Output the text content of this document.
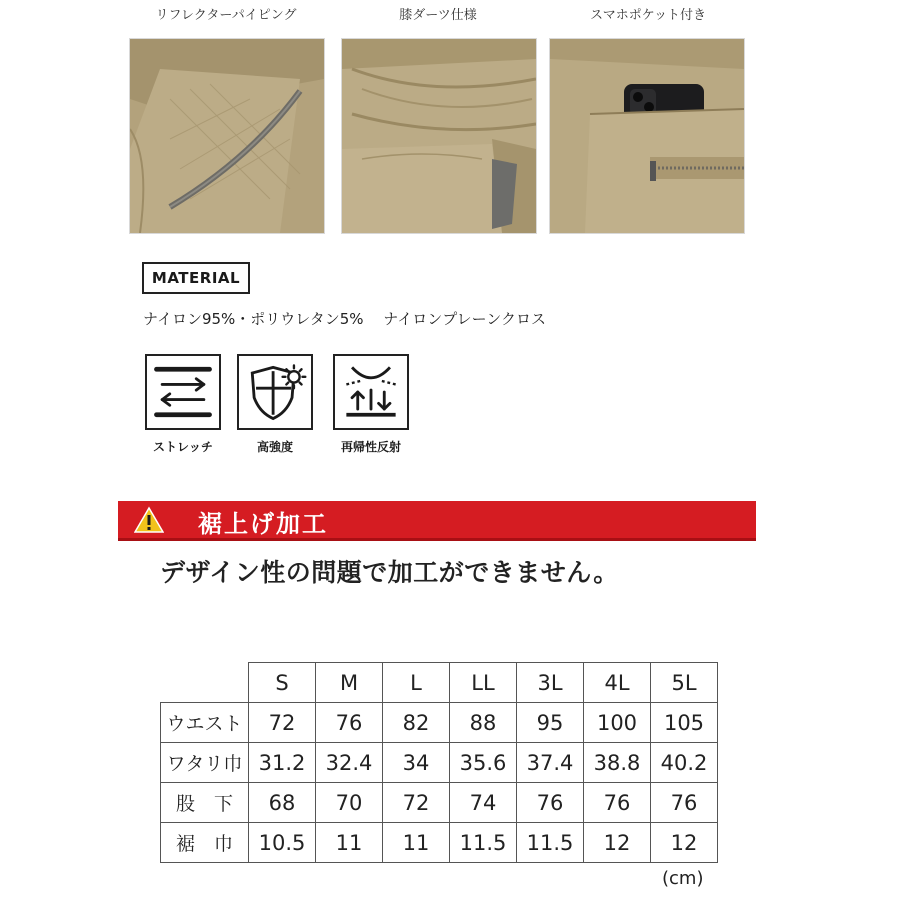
リフレクターパイピング	膝ダーツ仕様	スマホポケット付き
MATERIAL
ナイロン95%・ポリウレタン5%　 ナイロンプレーンクロス
ストレッチ	高強度	再帰性反射
裾上げ加工
デザイン性の問題で加工ができません。
	S	M	L	LL	3L	4L	5L
ウエスト	72	76	82	88	95	100	105
ワタリ巾	31.2	32.4	34	35.6	37.4	38.8	40.2
股　下	68	70	72	74	76	76	76
裾　巾	10.5	11	11	11.5	11.5	12	12
(cm)
